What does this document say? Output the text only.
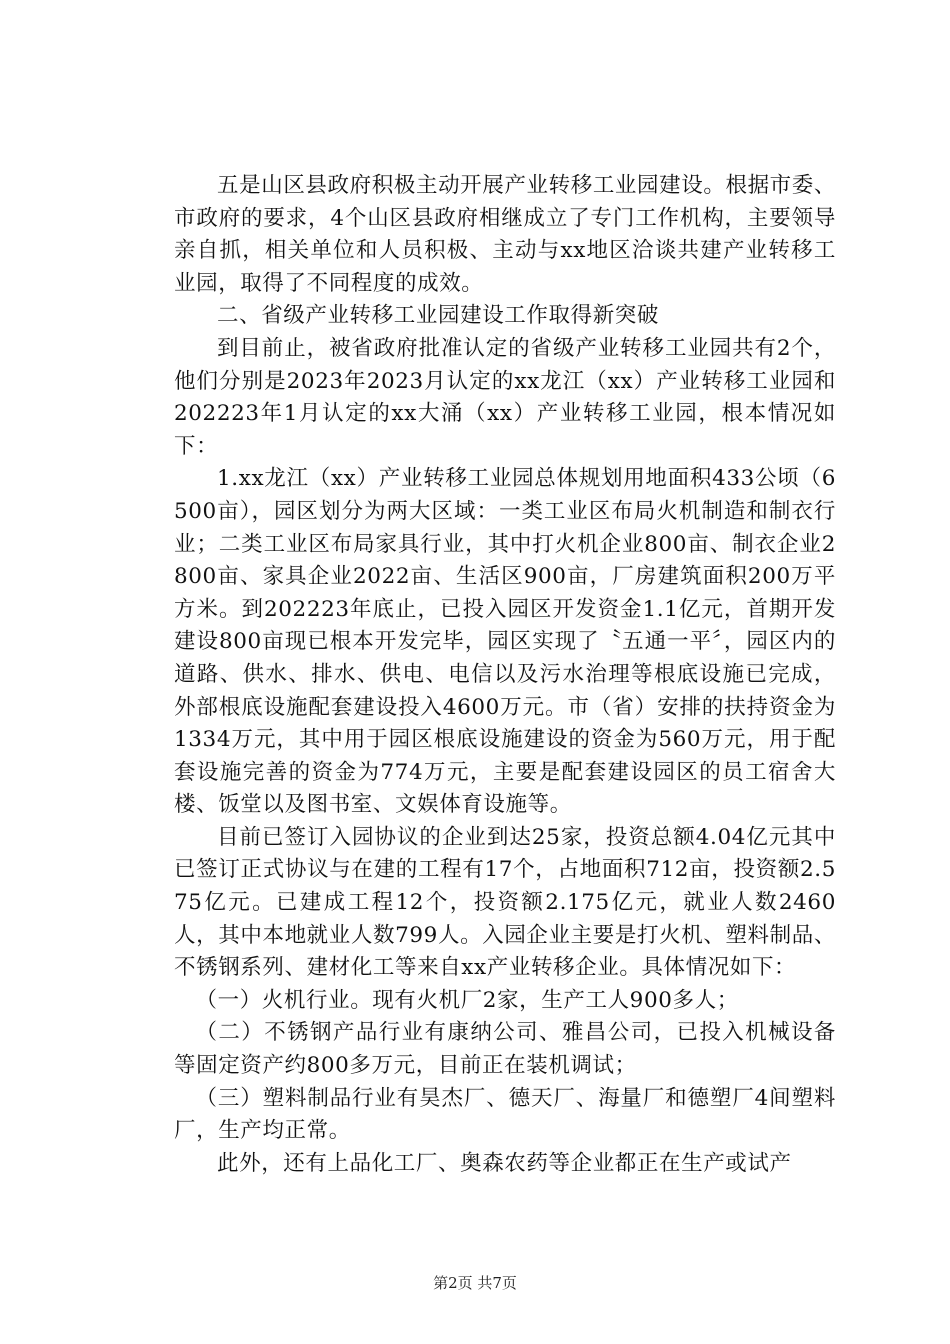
五是山区县政府积极主动开展产业转移工业园建设。根据市委、市政府的要求，4个山区县政府相继成立了专门工作机构，主要领导亲自抓，相关单位和人员积极、主动与xx地区洽谈共建产业转移工业园，取得了不同程度的成效。

二、省级产业转移工业园建设工作取得新突破

到目前止，被省政府批准认定的省级产业转移工业园共有2个，他们分别是2023年2023月认定的xx龙江（xx）产业转移工业园和202223年1月认定的xx大涌（xx）产业转移工业园，根本情况如下：

1.xx龙江（xx）产业转移工业园总体规划用地面积433公顷（6500亩），园区划分为两大区域：一类工业区布局火机制造和制衣行业；二类工业区布局家具行业，其中打火机企业800亩、制衣企业2800亩、家具企业2022亩、生活区900亩，厂房建筑面积200万平方米。到202223年底止，已投入园区开发资金1.1亿元，首期开发建设800亩现已根本开发完毕，园区实现了〝五通一平〞，园区内的道路、供水、排水、供电、电信以及污水治理等根底设施已完成，外部根底设施配套建设投入4600万元。市（省）安排的扶持资金为1334万元，其中用于园区根底设施建设的资金为560万元，用于配套设施完善的资金为774万元，主要是配套建设园区的员工宿舍大楼、饭堂以及图书室、文娱体育设施等。

目前已签订入园协议的企业到达25家，投资总额4.04亿元其中已签订正式协议与在建的工程有17个，占地面积712亩，投资额2.575亿元。已建成工程12个，投资额2.175亿元，就业人数2460人，其中本地就业人数799人。入园企业主要是打火机、塑料制品、不锈钢系列、建材化工等来自xx产业转移企业。具体情况如下：

（一）火机行业。现有火机厂2家，生产工人900多人；

（二）不锈钢产品行业有康纳公司、雅昌公司，已投入机械设备等固定资产约800多万元，目前正在装机调试；

（三）塑料制品行业有昊杰厂、德天厂、海量厂和德塑厂4间塑料厂，生产均正常。

此外，还有上品化工厂、奥森农药等企业都正在生产或试产

第2页 共7页
